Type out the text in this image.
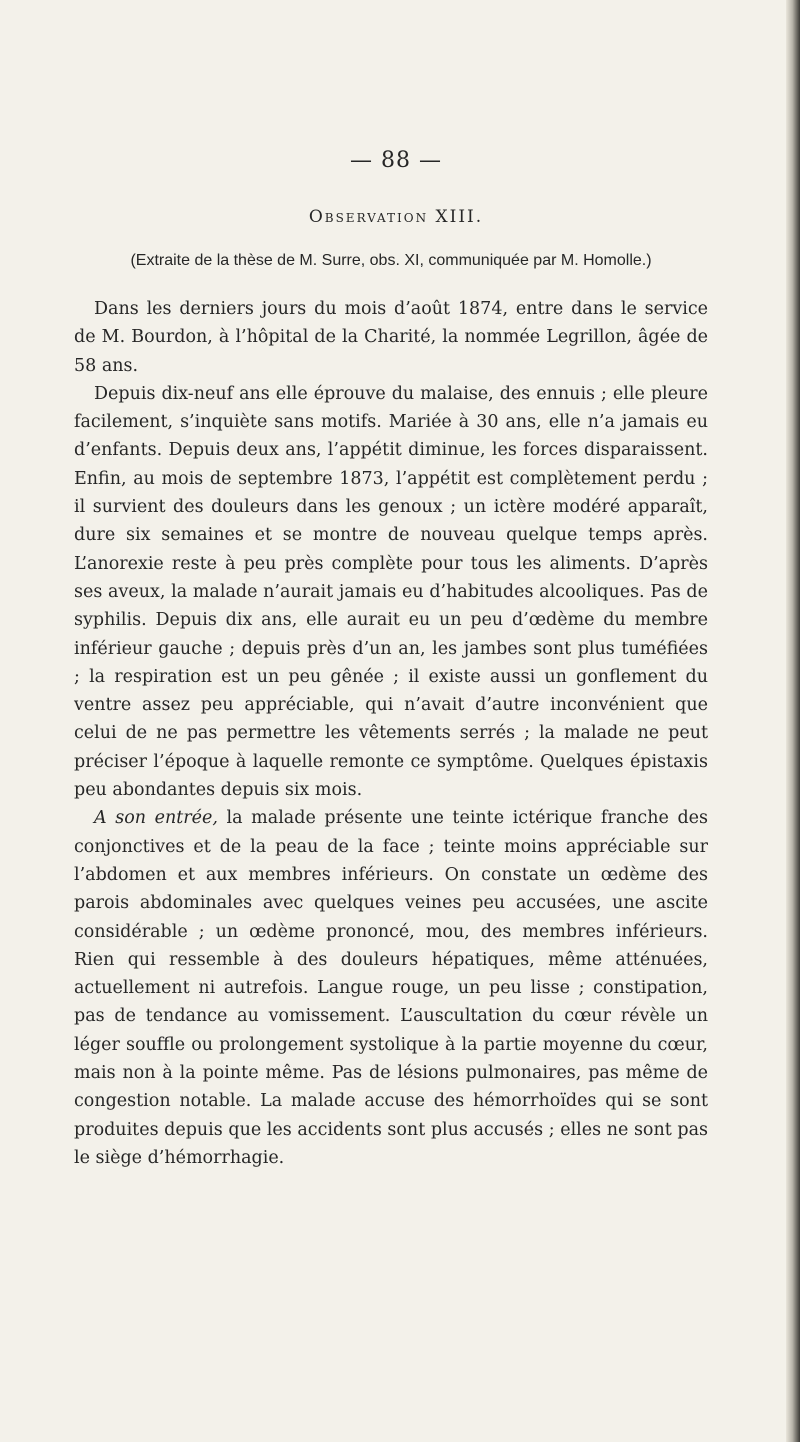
— 88 —
Observation XIII.
(Extraite de la thèse de M. Surre, obs. XI, communiquée par M. Homolle.)

Dans les derniers jours du mois d’août 1874, entre dans le service de M. Bourdon, à l’hôpital de la Charité, la nommée Legrillon, âgée de 58 ans.

Depuis dix-neuf ans elle éprouve du malaise, des ennuis ; elle pleure facilement, s’inquiète sans motifs. Mariée à 30 ans, elle n’a jamais eu d’enfants. Depuis deux ans, l’appétit diminue, les forces disparaissent. Enfin, au mois de septembre 1873, l’appétit est complètement perdu ; il survient des douleurs dans les genoux ; un ictère modéré apparaît, dure six semaines et se montre de nouveau quelque temps après. L’anorexie reste à peu près complète pour tous les aliments. D’après ses aveux, la malade n’aurait jamais eu d’habitudes alcooliques. Pas de syphilis. Depuis dix ans, elle aurait eu un peu d’œdème du membre inférieur gauche ; depuis près d’un an, les jambes sont plus tuméfiées ; la respiration est un peu gênée ; il existe aussi un gonflement du ventre assez peu appréciable, qui n’avait d’autre inconvénient que celui de ne pas permettre les vêtements serrés ; la malade ne peut préciser l’époque à laquelle remonte ce symptôme. Quelques épistaxis peu abondantes depuis six mois.

A son entrée, la malade présente une teinte ictérique franche des conjonctives et de la peau de la face ; teinte moins appréciable sur l’abdomen et aux membres inférieurs. On constate un œdème des parois abdominales avec quelques veines peu accusées, une ascite considérable ; un œdème prononcé, mou, des membres inférieurs. Rien qui ressemble à des douleurs hépatiques, même atténuées, actuellement ni autrefois. Langue rouge, un peu lisse ; constipation, pas de tendance au vomissement. L’auscultation du cœur révèle un léger souffle ou prolongement systolique à la partie moyenne du cœur, mais non à la pointe même. Pas de lésions pulmonaires, pas même de congestion notable. La malade accuse des hémorrhoïdes qui se sont produites depuis que les accidents sont plus accusés ; elles ne sont pas le siège d’hémorrhagie.
